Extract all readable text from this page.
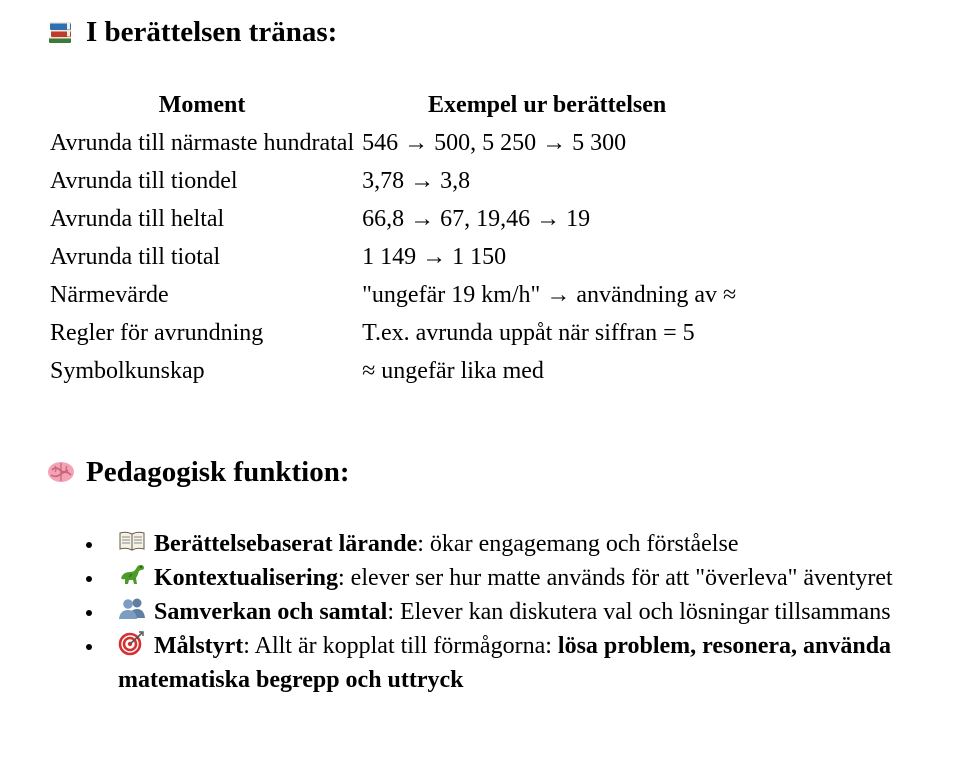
I berättelsen tränas:
Moment	Exempel ur berättelsen
Avrunda till närmaste hundratal	546 → 500, 5 250 → 5 300
Avrunda till tiondel	3,78 → 3,8
Avrunda till heltal	66,8 → 67, 19,46 → 19
Avrunda till tiotal	1 149 → 1 150
Närmevärde	"ungefär 19 km/h" → användning av ≈
Regler för avrundning	T.ex. avrunda uppåt när siffran = 5
Symbolkunskap	≈ ungefär lika med
Pedagogisk funktion:
Berättelsebaserat lärande: ökar engagemang och förståelse
Kontextualisering: elever ser hur matte används för att "överleva" äventyret
Samverkan och samtal: Elever kan diskutera val och lösningar tillsammans
Målstyrt: Allt är kopplat till förmågorna: lösa problem, resonera, använda matematiska begrepp och uttryck
